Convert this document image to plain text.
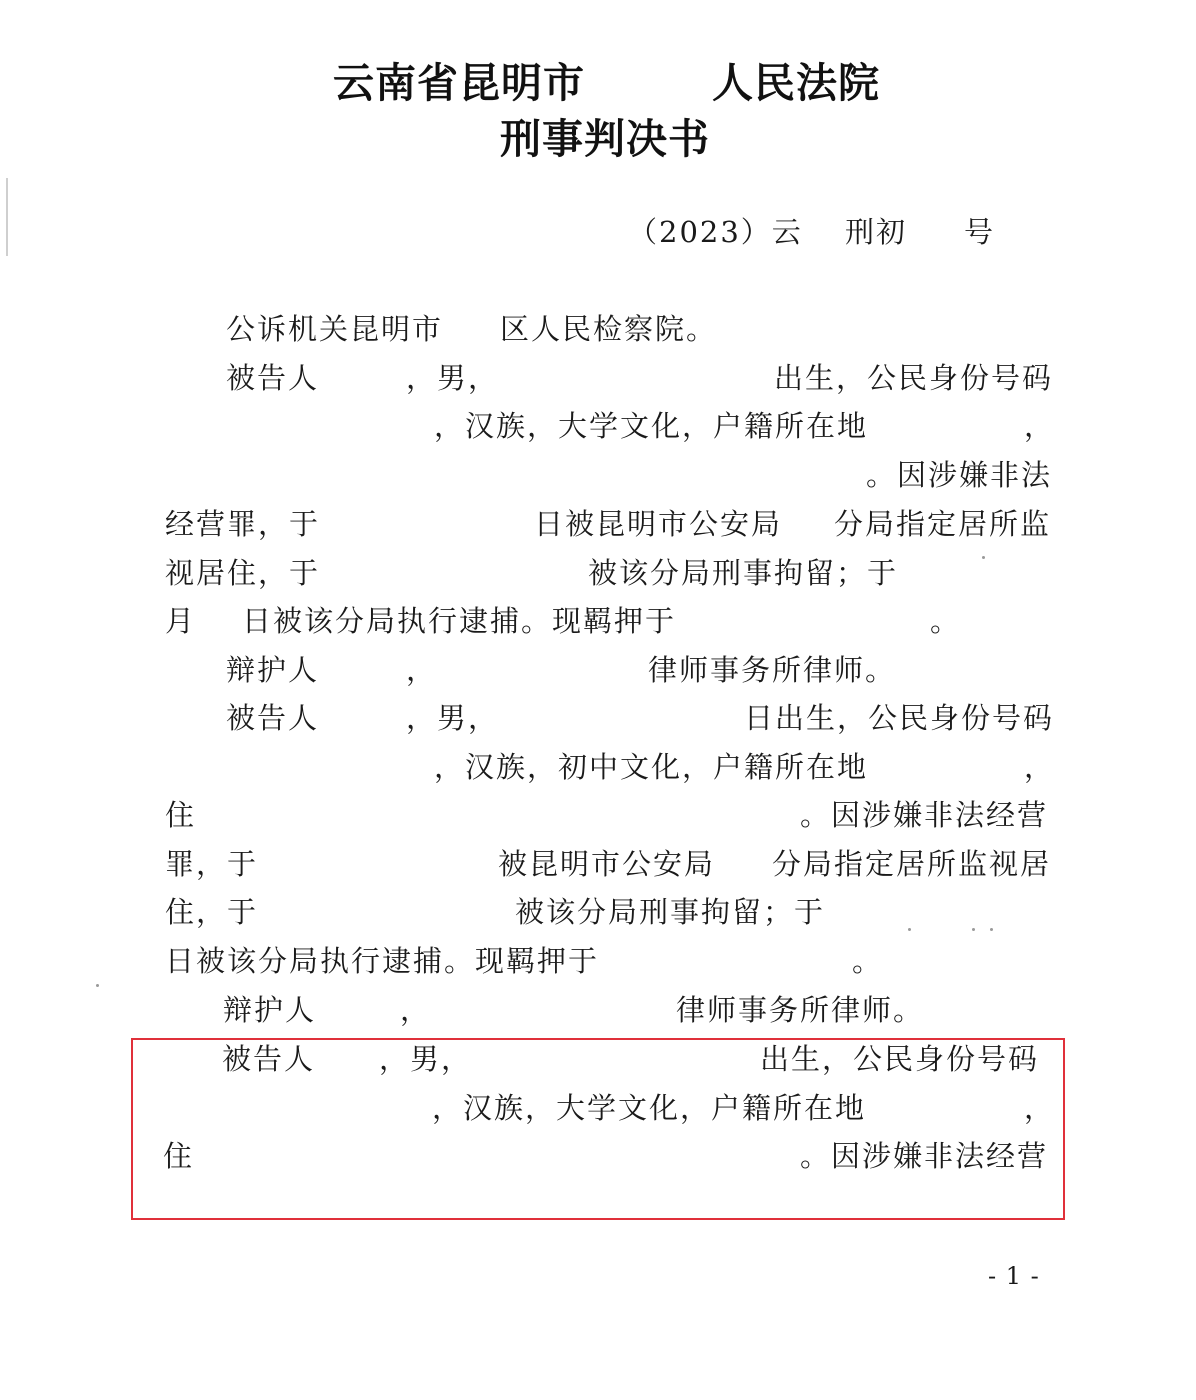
云南省昆明市	人民法院
刑事判决书
（2023）云 刑初 号
公诉机关昆明市 区人民检察院。
被告人	，男，	出生，公民身份号码
，汉族，大学文化，户籍所在地	，
。因涉嫌非法
经营罪，于	日被昆明市公安局 分局指定居所监
视居住，于	被该分局刑事拘留；于
月 日被该分局执行逮捕。现羁押于	。
辩护人	，	律师事务所律师。
被告人	，男，	日出生，公民身份号码
，汉族，初中文化，户籍所在地	，
住	。因涉嫌非法经营
罪，于	被昆明市公安局 分局指定居所监视居
住，于	被该分局刑事拘留；于
日被该分局执行逮捕。现羁押于	。
辩护人	，	律师事务所律师。
被告人 ，男，	出生，公民身份号码
，汉族，大学文化，户籍所在地	，
住	。因涉嫌非法经营
- 1 -
